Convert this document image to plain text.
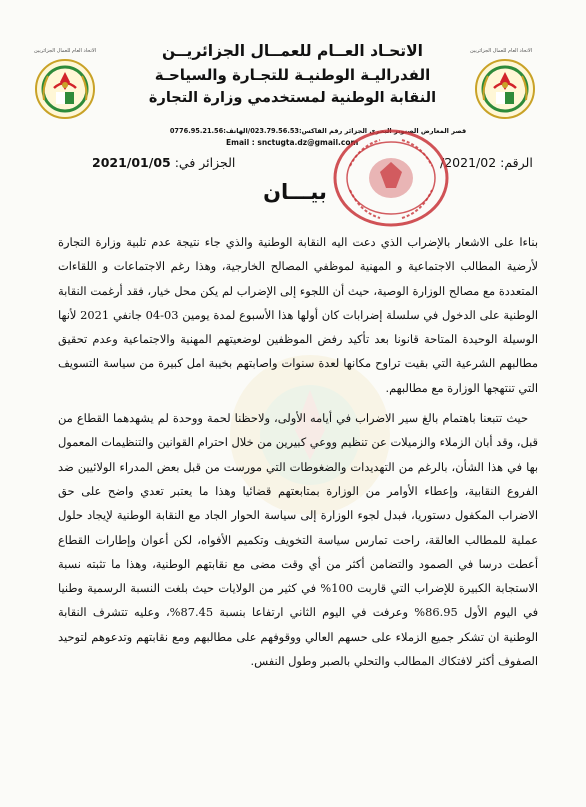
الاتحاد العام للعمال الجزائريين	الاتحاد العام للعمال الجزائريين
الاتحـاد العــام للعمــال الجزائريــن
الفدراليـة الوطنيـة للتجـارة والسياحـة
النقابة الوطنية لمستخدمي وزارة التجارة
قصر المعارض الصنوبر البحري الجزائر رقم الفاكس:023.79.56.53/الهاتف:0776.95.21.56
Email : snctugta.dz@gmail.com
الرقم: 2021/02/
الجزائر في: 2021/01/05
بيـــان

بناءا على الاشعار بالإضراب الذي دعت اليه النقابة الوطنية والذي جاء نتيجة عدم تلبية وزارة التجارة لأرضية المطالب الاجتماعية و المهنية لموظفي المصالح الخارجية، وهذا رغم الاجتماعات و اللقاءات المتعددة مع مصالح الوزارة الوصية، حيث أن اللجوء إلى الإضراب لم يكن محل خيار، فقد أرغمت النقابة الوطنية على الدخول في سلسلة إضرابات كان أولها هذا الأسبوع لمدة يومين 03-04 جانفي 2021 لأنها الوسيلة الوحيدة المتاحة قانونا بعد تأكيد رفض الموظفين لوضعيتهم المهنية والاجتماعية وعدم تحقيق مطالبهم الشرعية التي بقيت تراوح مكانها لعدة سنوات واصابتهم بخيبة امل كبيرة من سياسة التسويف التي تنتهجها الوزارة مع مطالبهم.

حيث تتبعنا باهتمام بالغ سير الاضراب في أيامه الأولى، ولاحظنا لحمة ووحدة لم يشهدهما القطاع من قبل، وقد أبان الزملاء والزميلات عن تنظيم ووعي كبيرين من خلال احترام القوانين والتنظيمات المعمول بها في هذا الشأن، بالرغم من التهديدات والضغوطات التي مورست من قبل بعض المدراء الولائيين ضد الفروع النقابية، وإعطاء الأوامر من الوزارة بمتابعتهم قضائيا وهذا ما يعتبر تعدي واضح على حق الاضراب المكفول دستوريا، فبدل لجوء الوزارة إلى سياسة الحوار الجاد مع النقابة الوطنية لإيجاد حلول عملية للمطالب العالقة، راحت تمارس سياسة التخويف وتكميم الأفواه، لكن أعوان وإطارات القطاع أعطت درسا في الصمود والتضامن أكثر من أي وقت مضى مع نقابتهم الوطنية، وهذا ما تثبته نسبة الاستجابة الكبيرة للإضراب التي قاربت 100% في كثير من الولايات حيث بلغت النسبة الرسمية وطنيا في اليوم الأول 86.95% وعرفت في اليوم الثاني ارتفاعا بنسبة 87.45%، وعليه تتشرف النقابة الوطنية ان تشكر جميع الزملاء على حسهم العالي ووقوفهم على مطالبهم ومع نقابتهم وتدعوهم لتوحيد الصفوف أكثر لافتكاك المطالب والتحلي بالصبر وطول النفس.
